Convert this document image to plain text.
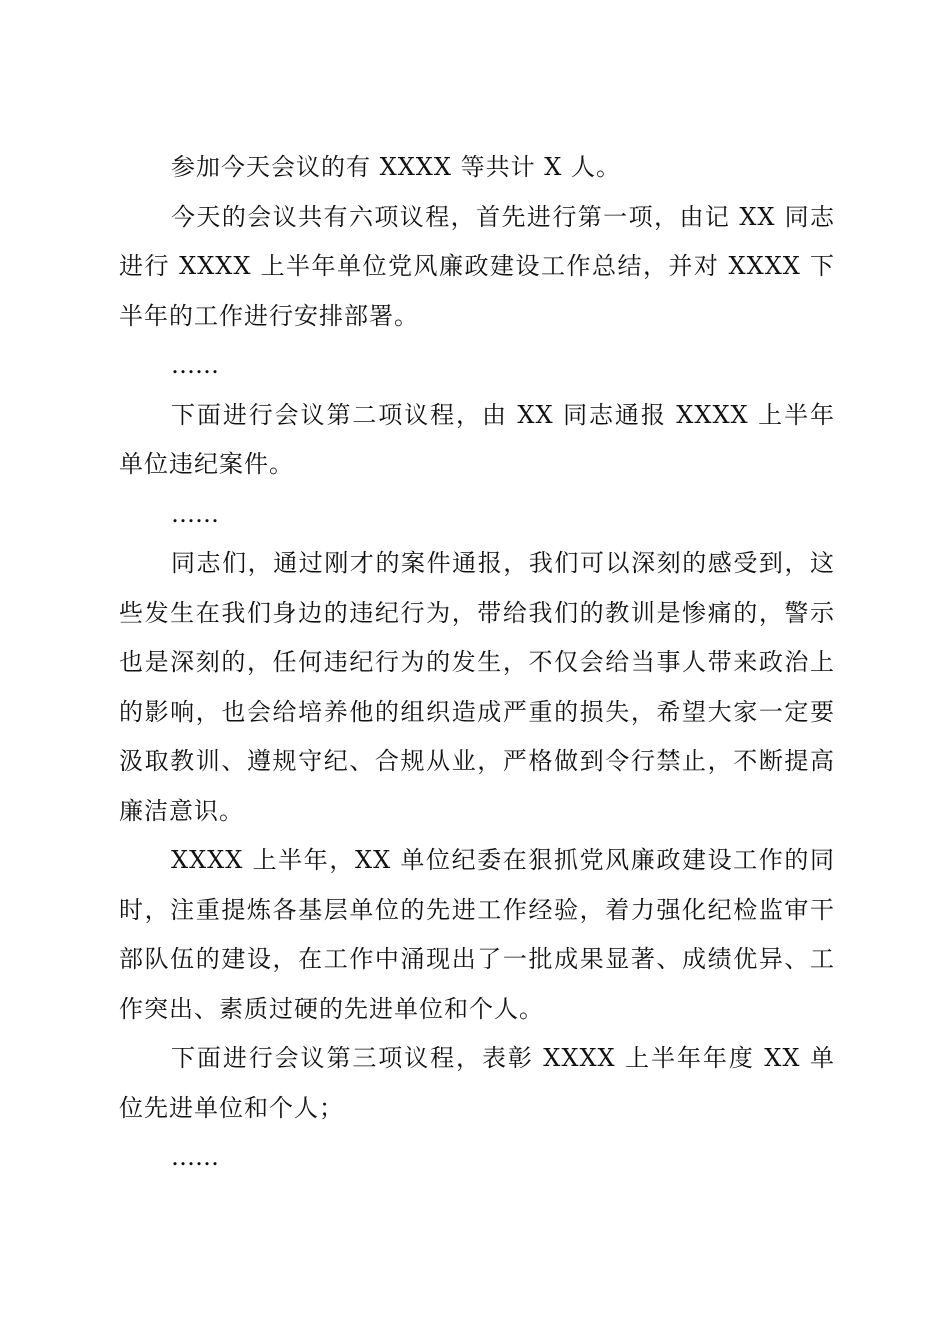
参加今天会议的有 XXXX 等共计 X 人。

今天的会议共有六项议程，首先进行第一项，由记 XX 同志进行 XXXX 上半年单位党风廉政建设工作总结，并对 XXXX 下半年的工作进行安排部署。

……

下面进行会议第二项议程，由 XX 同志通报 XXXX 上半年单位违纪案件。

……

同志们，通过刚才的案件通报，我们可以深刻的感受到，这些发生在我们身边的违纪行为，带给我们的教训是惨痛的，警示也是深刻的，任何违纪行为的发生，不仅会给当事人带来政治上的影响，也会给培养他的组织造成严重的损失，希望大家一定要汲取教训、遵规守纪、合规从业，严格做到令行禁止，不断提高廉洁意识。

XXXX 上半年，XX 单位纪委在狠抓党风廉政建设工作的同时，注重提炼各基层单位的先进工作经验，着力强化纪检监审干部队伍的建设，在工作中涌现出了一批成果显著、成绩优异、工作突出、素质过硬的先进单位和个人。

下面进行会议第三项议程，表彰 XXXX 上半年年度 XX 单位先进单位和个人；

……
